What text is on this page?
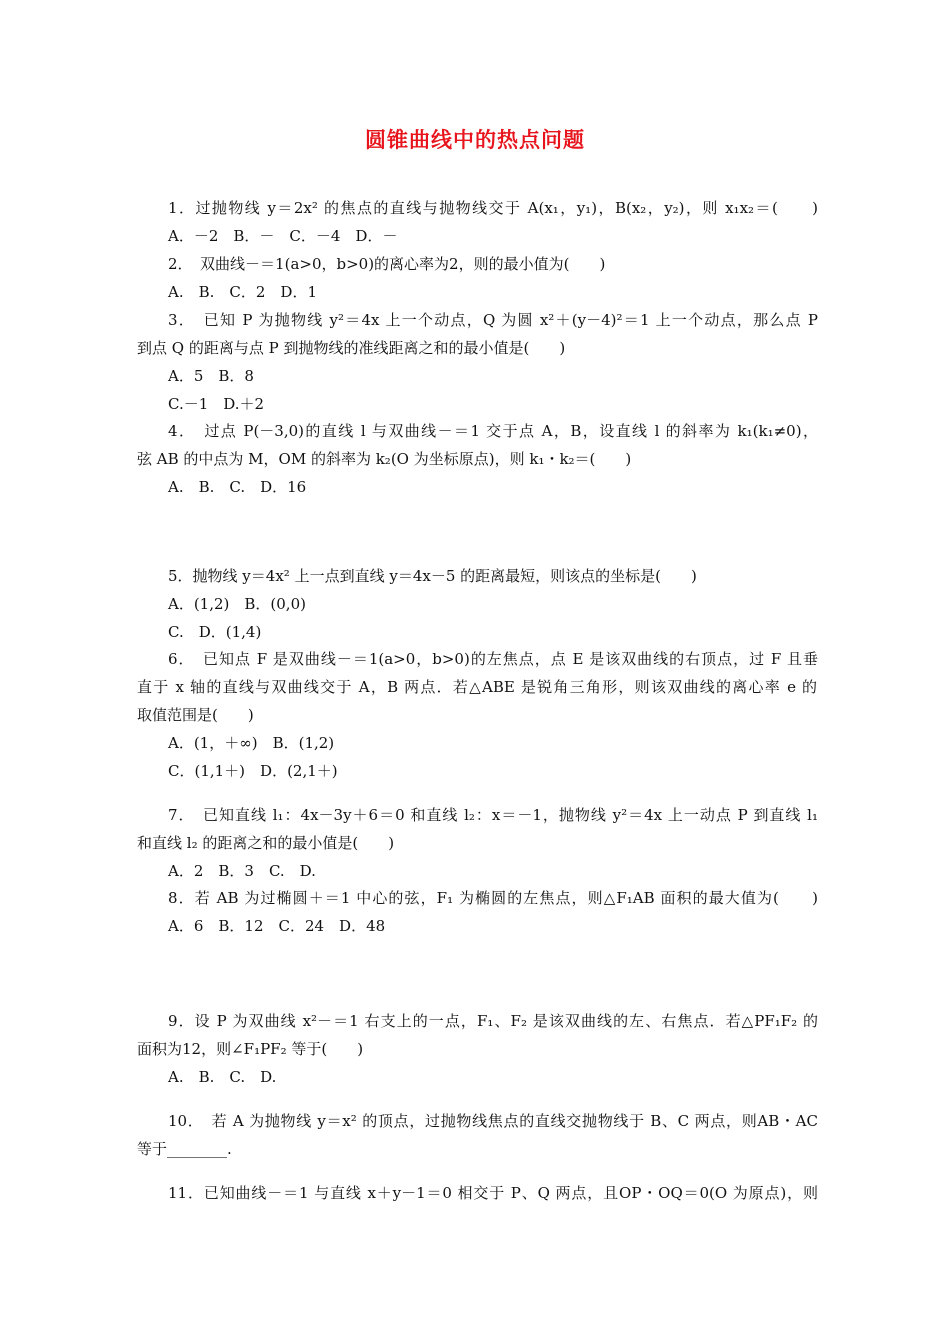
圆锥曲线中的热点问题
1．过抛物线 y＝2x² 的焦点的直线与抛物线交于 A(x₁，y₁)，B(x₂，y₂)，则 x₁x₂＝(　　)
A．－2　B．－　C．－4　D．－
2．　双曲线－＝1(a>0，b>0)的离心率为2，则的最小值为(　　)
A.　B.　C．2　D．1
3．　已知 P 为抛物线 y²＝4x 上一个动点，Q 为圆 x²＋(y－4)²＝1 上一个动点，那么点 P
到点 Q 的距离与点 P 到抛物线的准线距离之和的最小值是(　　)
A．5　B．8
C.－1　D.＋2
4．　过点 P(－3,0)的直线 l 与双曲线－＝1 交于点 A，B，设直线 l 的斜率为 k₁(k₁≠0)，
弦 AB 的中点为 M，OM 的斜率为 k₂(O 为坐标原点)，则 k₁・k₂＝(　　)
A.　B.　C.　D．16
5．抛物线 y＝4x² 上一点到直线 y＝4x－5 的距离最短，则该点的坐标是(　　)
A．(1,2)　B．(0,0)
C.　D．(1,4)
6．　已知点 F 是双曲线－＝1(a>0，b>0)的左焦点，点 E 是该双曲线的右顶点，过 F 且垂
直于 x 轴的直线与双曲线交于 A，B 两点．若△ABE 是锐角三角形，则该双曲线的离心率 e 的
取值范围是(　　)
A．(1，＋∞)　B．(1,2)
C．(1,1＋)　D．(2,1＋)
7．　已知直线 l₁：4x－3y＋6＝0 和直线 l₂：x＝－1，抛物线 y²＝4x 上一动点 P 到直线 l₁
和直线 l₂ 的距离之和的最小值是(　　)
A．2　B．3　C.　D.
8．若 AB 为过椭圆＋＝1 中心的弦，F₁ 为椭圆的左焦点，则△F₁AB 面积的最大值为(　　)
A．6　B．12　C．24　D．48
9．设 P 为双曲线 x²－＝1 右支上的一点，F₁、F₂ 是该双曲线的左、右焦点．若△PF₁F₂ 的
面积为12，则∠F₁PF₂ 等于(　　)
A.　B.　C.　D.
10．　若 A 为抛物线 y＝x² 的顶点，过抛物线焦点的直线交抛物线于 B、C 两点，则AB・AC
等于________.
11．已知曲线－＝1 与直线 x＋y－1＝0 相交于 P、Q 两点，且OP・OQ＝0(O 为原点)，则
